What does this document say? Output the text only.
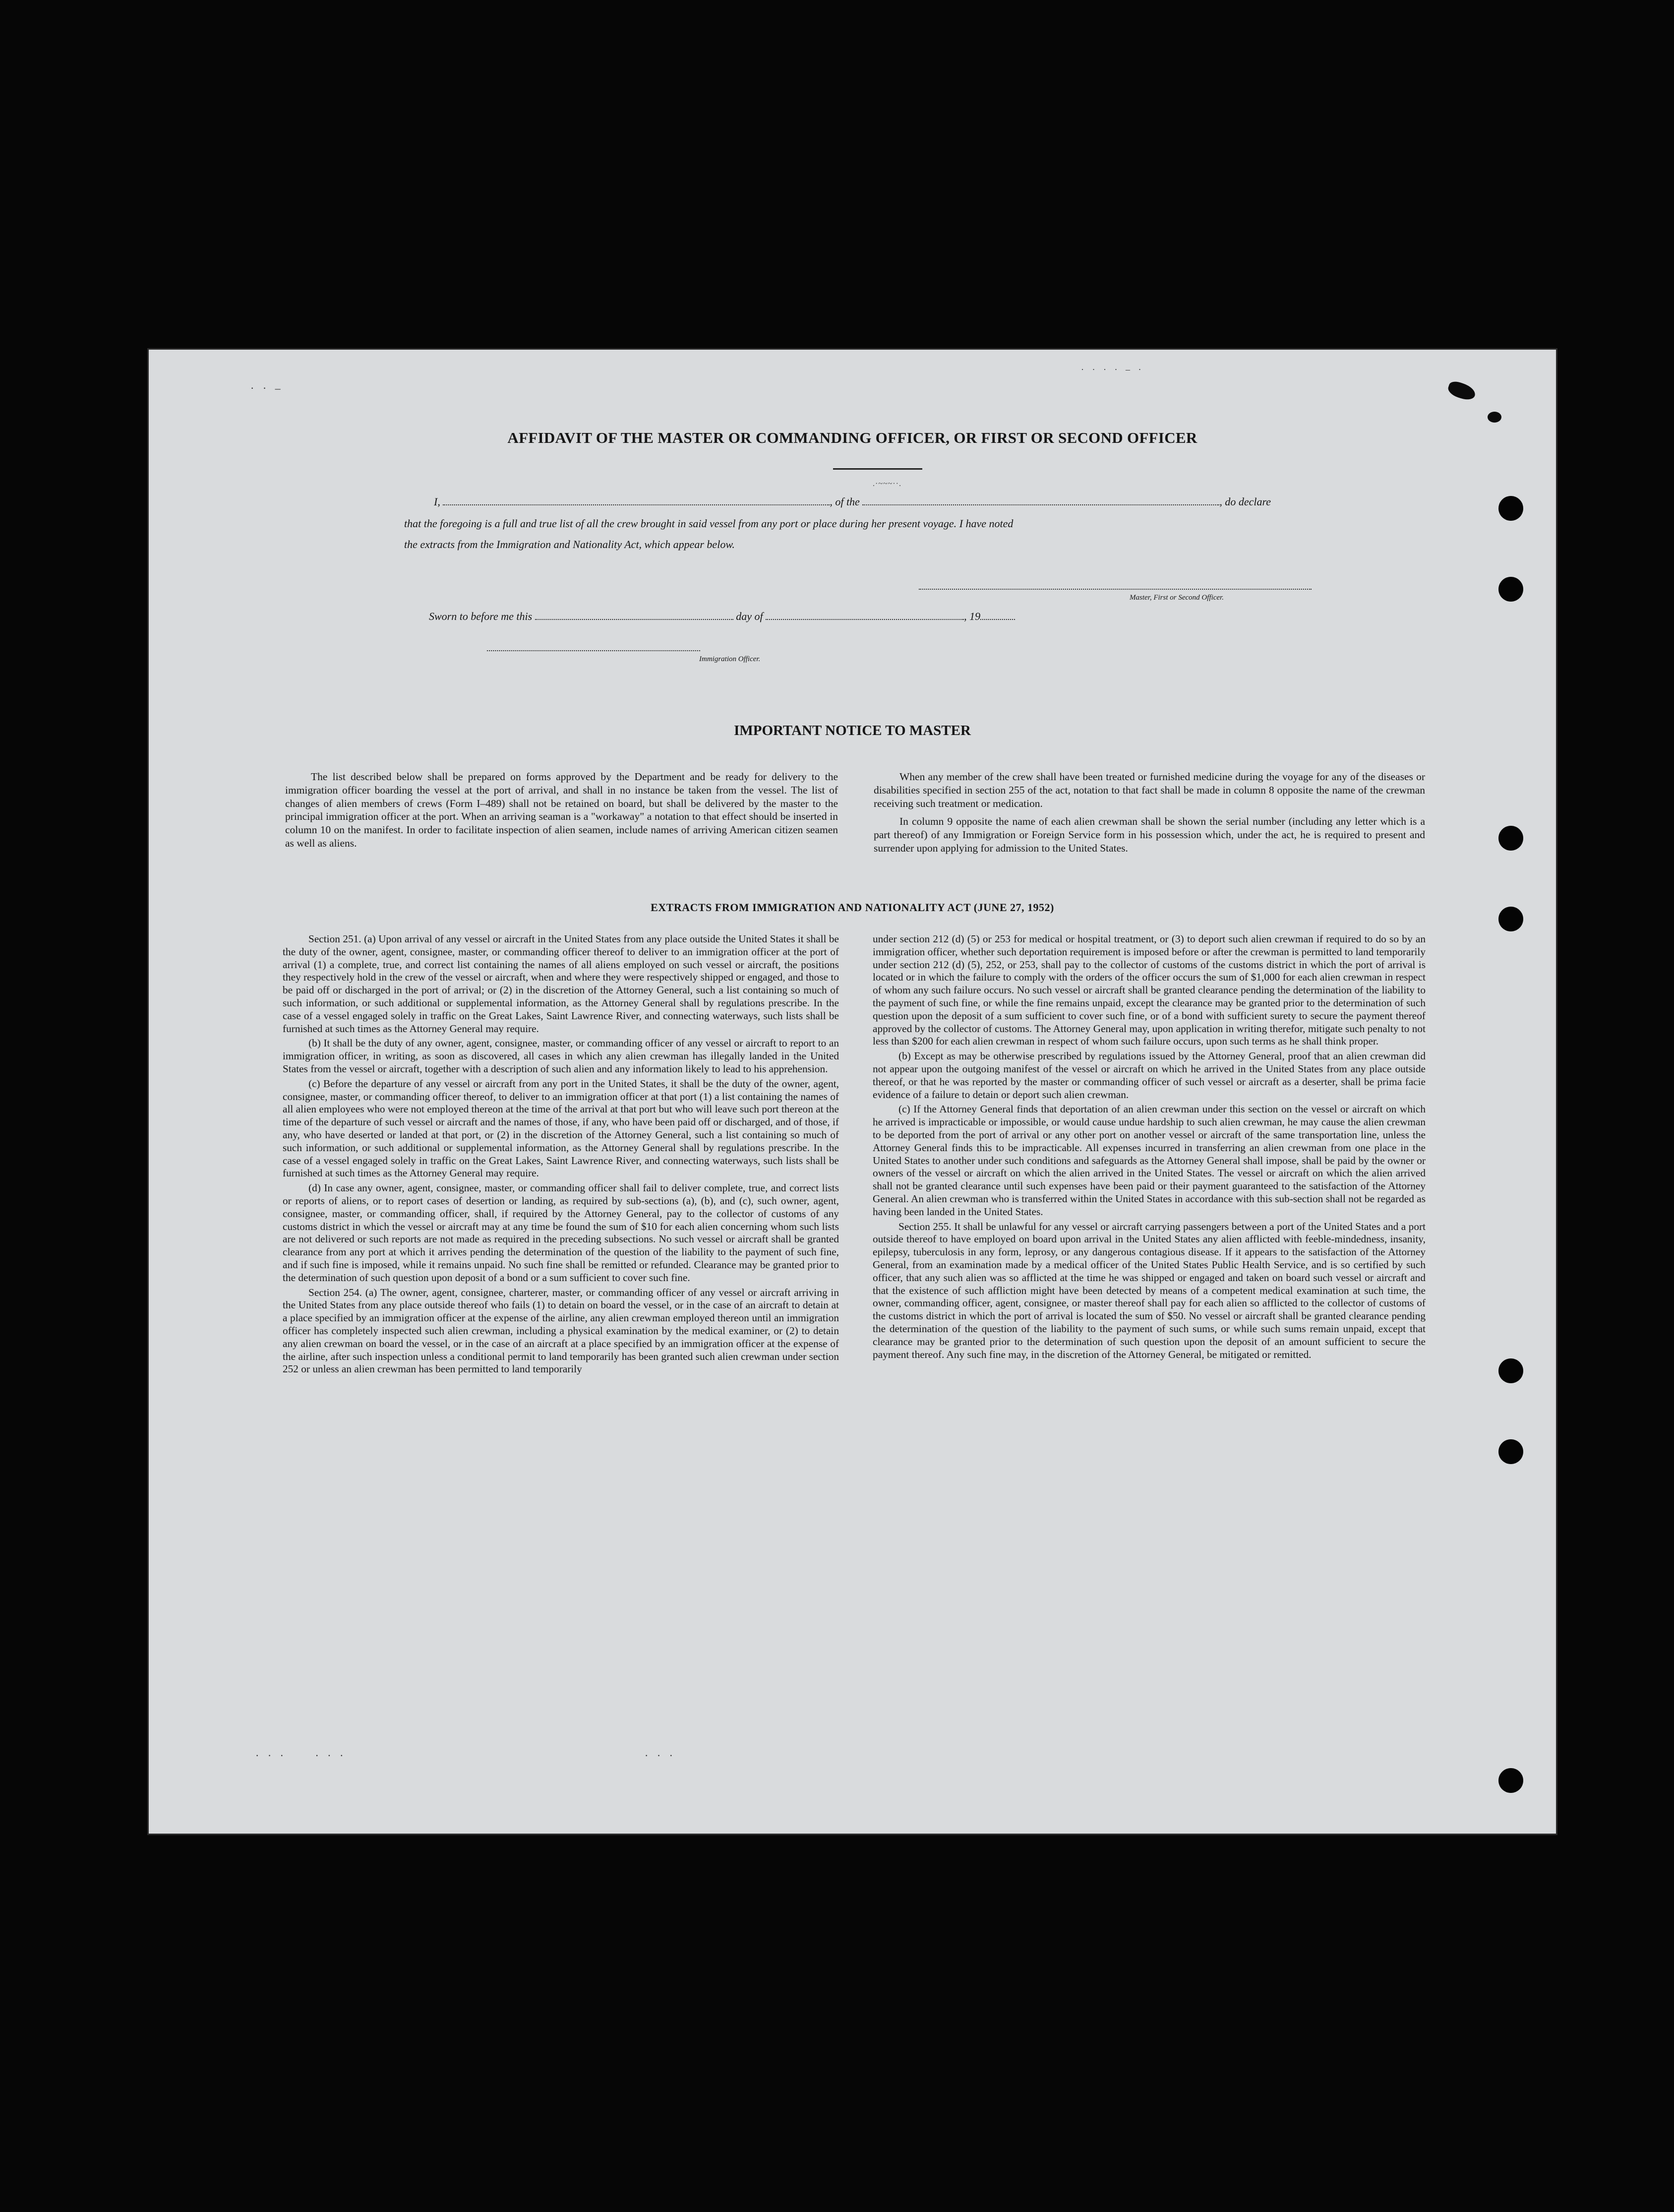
· · –
· · · · – ·
AFFIDAVIT OF THE MASTER OR COMMANDING OFFICER, OR FIRST OR SECOND OFFICER
.·~~~··.
I,	, of the	, do declare
that the foregoing is a full and true list of all the crew brought in said vessel from any port or place during her present voyage. I have noted
the extracts from the Immigration and Nationality Act, which appear below.
Master, First or Second Officer.
Sworn to before me this	day of	, 19
Immigration Officer.
IMPORTANT NOTICE TO MASTER

The list described below shall be prepared on forms approved by the Department and be ready for delivery to the immigration officer boarding the vessel at the port of arrival, and shall in no instance be taken from the vessel. The list of changes of alien members of crews (Form I–489) shall not be retained on board, but shall be delivered by the master to the principal immigration officer at the port. When an arriving seaman is a "workaway" a notation to that effect should be inserted in column 10 on the manifest. In order to facilitate inspection of alien seamen, include names of arriving American citizen seamen as well as aliens.

When any member of the crew shall have been treated or furnished medicine during the voyage for any of the diseases or disabilities specified in section 255 of the act, notation to that fact shall be made in column 8 opposite the name of the crewman receiving such treatment or medication.

In column 9 opposite the name of each alien crewman shall be shown the serial number (including any letter which is a part thereof) of any Immigration or Foreign Service form in his possession which, under the act, he is required to present and surrender upon applying for admission to the United States.

EXTRACTS FROM IMMIGRATION AND NATIONALITY ACT (JUNE 27, 1952)

Section 251. (a) Upon arrival of any vessel or aircraft in the United States from any place outside the United States it shall be the duty of the owner, agent, consignee, master, or commanding officer thereof to deliver to an immigration officer at the port of arrival (1) a complete, true, and correct list containing the names of all aliens employed on such vessel or aircraft, the positions they respectively hold in the crew of the vessel or aircraft, when and where they were respectively shipped or engaged, and those to be paid off or discharged in the port of arrival; or (2) in the discretion of the Attorney General, such a list containing so much of such information, or such additional or supplemental information, as the Attorney General shall by regulations prescribe. In the case of a vessel engaged solely in traffic on the Great Lakes, Saint Lawrence River, and connecting waterways, such lists shall be furnished at such times as the Attorney General may require.

(b) It shall be the duty of any owner, agent, consignee, master, or commanding officer of any vessel or aircraft to report to an immigration officer, in writing, as soon as discovered, all cases in which any alien crewman has illegally landed in the United States from the vessel or aircraft, together with a description of such alien and any information likely to lead to his apprehension.

(c) Before the departure of any vessel or aircraft from any port in the United States, it shall be the duty of the owner, agent, consignee, master, or commanding officer thereof, to deliver to an immigration officer at that port (1) a list containing the names of all alien employees who were not employed thereon at the time of the arrival at that port but who will leave such port thereon at the time of the departure of such vessel or aircraft and the names of those, if any, who have been paid off or discharged, and of those, if any, who have deserted or landed at that port, or (2) in the discretion of the Attorney General, such a list containing so much of such information, or such additional or supplemental information, as the Attorney General shall by regulations prescribe. In the case of a vessel engaged solely in traffic on the Great Lakes, Saint Lawrence River, and connecting waterways, such lists shall be furnished at such times as the Attorney General may require.

(d) In case any owner, agent, consignee, master, or commanding officer shall fail to deliver complete, true, and correct lists or reports of aliens, or to report cases of desertion or landing, as required by sub-sections (a), (b), and (c), such owner, agent, consignee, master, or commanding officer, shall, if required by the Attorney General, pay to the collector of customs of any customs district in which the vessel or aircraft may at any time be found the sum of $10 for each alien concerning whom such lists are not delivered or such reports are not made as required in the preceding subsections. No such vessel or aircraft shall be granted clearance from any port at which it arrives pending the determination of the question of the liability to the payment of such fine, and if such fine is imposed, while it remains unpaid. No such fine shall be remitted or refunded. Clearance may be granted prior to the determination of such question upon deposit of a bond or a sum sufficient to cover such fine.

Section 254. (a) The owner, agent, consignee, charterer, master, or commanding officer of any vessel or aircraft arriving in the United States from any place outside thereof who fails (1) to detain on board the vessel, or in the case of an aircraft to detain at a place specified by an immigration officer at the expense of the airline, any alien crewman employed thereon until an immigration officer has completely inspected such alien crewman, including a physical examination by the medical examiner, or (2) to detain any alien crewman on board the vessel, or in the case of an aircraft at a place specified by an immigration officer at the expense of the airline, after such inspection unless a conditional permit to land temporarily has been granted such alien crewman under section 252 or unless an alien crewman has been permitted to land temporarily

under section 212 (d) (5) or 253 for medical or hospital treatment, or (3) to deport such alien crewman if required to do so by an immigration officer, whether such deportation requirement is imposed before or after the crewman is permitted to land temporarily under section 212 (d) (5), 252, or 253, shall pay to the collector of customs of the customs district in which the port of arrival is located or in which the failure to comply with the orders of the officer occurs the sum of $1,000 for each alien crewman in respect of whom any such failure occurs. No such vessel or aircraft shall be granted clearance pending the determination of the liability to the payment of such fine, or while the fine remains unpaid, except the clearance may be granted prior to the determination of such question upon the deposit of a sum sufficient to cover such fine, or of a bond with sufficient surety to secure the payment thereof approved by the collector of customs. The Attorney General may, upon application in writing therefor, mitigate such penalty to not less than $200 for each alien crewman in respect of whom such failure occurs, upon such terms as he shall think proper.

(b) Except as may be otherwise prescribed by regulations issued by the Attorney General, proof that an alien crewman did not appear upon the outgoing manifest of the vessel or aircraft on which he arrived in the United States from any place outside thereof, or that he was reported by the master or commanding officer of such vessel or aircraft as a deserter, shall be prima facie evidence of a failure to detain or deport such alien crewman.

(c) If the Attorney General finds that deportation of an alien crewman under this section on the vessel or aircraft on which he arrived is impracticable or impossible, or would cause undue hardship to such alien crewman, he may cause the alien crewman to be deported from the port of arrival or any other port on another vessel or aircraft of the same transportation line, unless the Attorney General finds this to be impracticable. All expenses incurred in transferring an alien crewman from one place in the United States to another under such conditions and safeguards as the Attorney General shall impose, shall be paid by the owner or owners of the vessel or aircraft on which the alien arrived in the United States. The vessel or aircraft on which the alien arrived shall not be granted clearance until such expenses have been paid or their payment guaranteed to the satisfaction of the Attorney General. An alien crewman who is transferred within the United States in accordance with this sub-section shall not be regarded as having been landed in the United States.

Section 255. It shall be unlawful for any vessel or aircraft carrying passengers between a port of the United States and a port outside thereof to have employed on board upon arrival in the United States any alien afflicted with feeble-mindedness, insanity, epilepsy, tuberculosis in any form, leprosy, or any dangerous contagious disease. If it appears to the satisfaction of the Attorney General, from an examination made by a medical officer of the United States Public Health Service, and is so certified by such officer, that any such alien was so afflicted at the time he was shipped or engaged and taken on board such vessel or aircraft and that the existence of such affliction might have been detected by means of a competent medical examination at such time, the owner, commanding officer, agent, consignee, or master thereof shall pay for each alien so afflicted to the collector of customs of the customs district in which the port of arrival is located the sum of $50. No vessel or aircraft shall be granted clearance pending the determination of the question of the liability to the payment of such sums, or while such sums remain unpaid, except that clearance may be granted prior to the determination of such question upon the deposit of an amount sufficient to secure the payment thereof. Any such fine may, in the discretion of the Attorney General, be mitigated or remitted.

· · ·     · · ·	· · ·
